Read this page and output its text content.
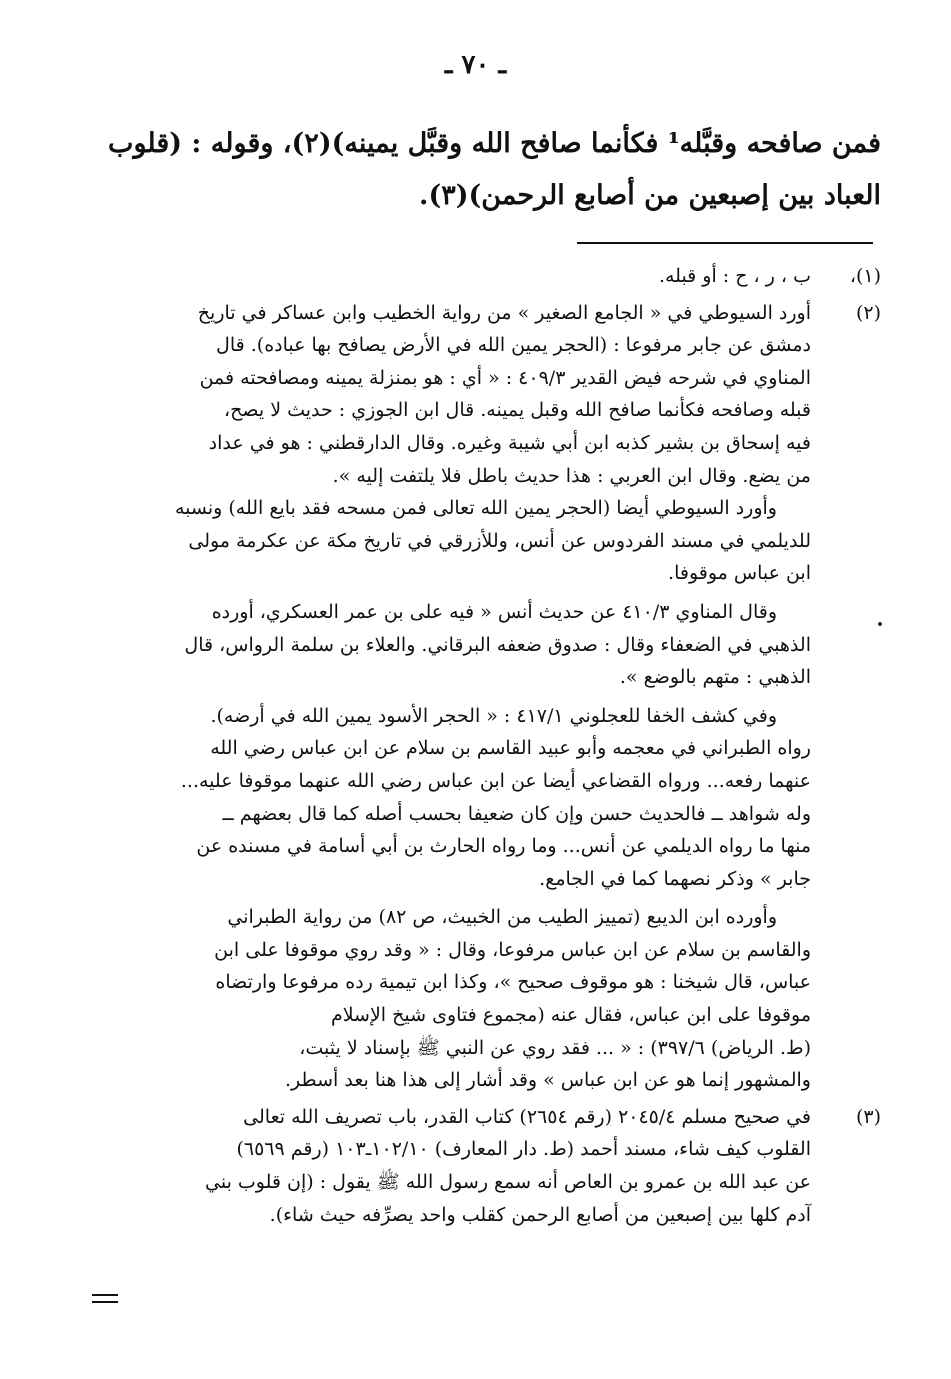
ـ ٧٠ ـ
فمن صافحه وقبَّله¹ فكأنما صافح الله وقبَّل يمينه)(٢)، وقوله : (قلوب
العباد بين إصبعين من أصابع الرحمن)(٣).
(١)،
ب ، ر ، ح : أو قبله.
(٢)
أورد السيوطي في « الجامع الصغير » من رواية الخطيب وابن عساكر في تاريخ
دمشق عن جابر مرفوعا : (الحجر يمين الله في الأرض يصافح بها عباده). قال
المناوي في شرحه فيض القدير ٤٠٩/٣ : « أي : هو بمنزلة يمينه ومصافحته فمن
قبله وصافحه فكأنما صافح الله وقبل يمينه. قال ابن الجوزي : حديث لا يصح،
فيه إسحاق بن بشير كذبه ابن أبي شيبة وغيره. وقال الدارقطني : هو في عداد
من يضع. وقال ابن العربي : هذا حديث باطل فلا يلتفت إليه ».
وأورد السيوطي أيضا (الحجر يمين الله تعالى فمن مسحه فقد بايع الله) ونسبه
للديلمي في مسند الفردوس عن أنس، وللأزرقي في تاريخ مكة عن عكرمة مولى
ابن عباس موقوفا.
وقال المناوي ٤١٠/٣ عن حديث أنس « فيه على بن عمر العسكري، أورده
الذهبي في الضعفاء وقال : صدوق ضعفه البرقاني. والعلاء بن سلمة الرواس، قال
الذهبي : متهم بالوضع ».
وفي كشف الخفا للعجلوني ٤١٧/١ : « الحجر الأسود يمين الله في أرضه).
رواه الطبراني في معجمه وأبو عبيد القاسم بن سلام عن ابن عباس رضي الله
عنهما رفعه... ورواه القضاعي أيضا عن ابن عباس رضي الله عنهما موقوفا عليه...
وله شواهد ــ فالحديث حسن وإن كان ضعيفا بحسب أصله كما قال بعضهم ــ
منها ما رواه الديلمي عن أنس... وما رواه الحارث بن أبي أسامة في مسنده عن
جابر » وذكر نصهما كما في الجامع.
وأورده ابن الديبع (تمييز الطيب من الخبيث، ص ٨٢) من رواية الطبراني
والقاسم بن سلام عن ابن عباس مرفوعا، وقال : « وقد روي موقوفا على ابن
عباس، قال شيخنا : هو موقوف صحيح »، وكذا ابن تيمية رده مرفوعا وارتضاه
موقوفا على ابن عباس، فقال عنه (مجموع فتاوى شيخ الإسلام
(ط. الرياض) ٣٩٧/٦) : « ... فقد روي عن النبي ﷺ بإسناد لا يثبت،
والمشهور إنما هو عن ابن عباس » وقد أشار إلى هذا هنا بعد أسطر.
(٣)
في صحيح مسلم ٢٠٤٥/٤ (رقم ٢٦٥٤) كتاب القدر، باب تصريف الله تعالى
القلوب كيف شاء، مسند أحمد (ط. دار المعارف) ١٠٢/١٠ـ١٠٣ (رقم ٦٥٦٩)
عن عبد الله بن عمرو بن العاص أنه سمع رسول الله ﷺ يقول : (إن قلوب بني
آدم كلها بين إصبعين من أصابع الرحمن كقلب واحد يصرِّفه حيث شاء).
